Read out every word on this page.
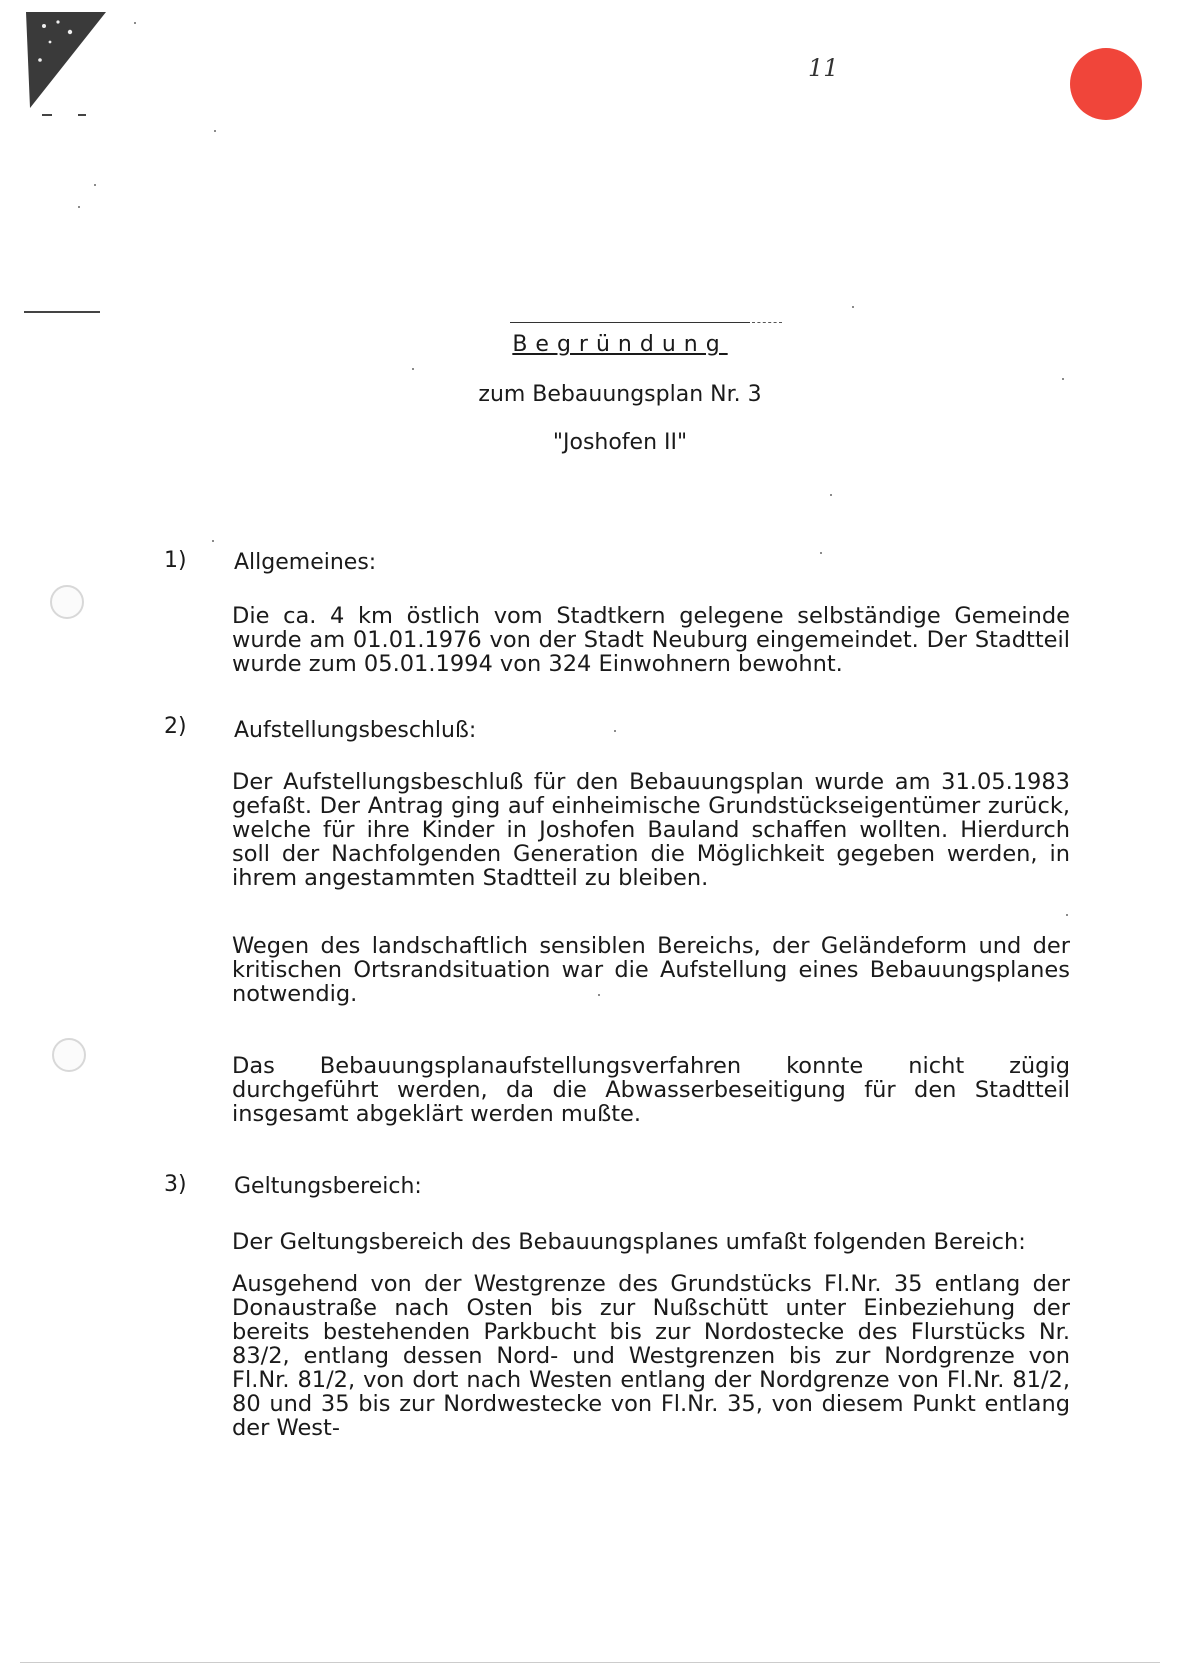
11
Begründung
zum Bebauungsplan Nr. 3
"Joshofen II"
1) Allgemeines:
Die ca. 4 km östlich vom Stadtkern gelegene selbständige Gemeinde wurde am 01.01.1976 von der Stadt Neuburg eingemeindet. Der Stadtteil wurde zum 05.01.1994 von 324 Einwohnern bewohnt.
2) Aufstellungsbeschluß:
Der Aufstellungsbeschluß für den Bebauungsplan wurde am 31.05.1983 gefaßt. Der Antrag ging auf einheimische Grundstückseigentümer zurück, welche für ihre Kinder in Joshofen Bauland schaffen wollten. Hierdurch soll der Nachfolgenden Generation die Möglichkeit gegeben werden, in ihrem angestammten Stadtteil zu bleiben.
Wegen des landschaftlich sensiblen Bereichs, der Geländeform und der kritischen Ortsrandsituation war die Aufstellung eines Bebauungsplanes notwendig.
Das Bebauungsplanaufstellungsverfahren konnte nicht zügig durchgeführt werden, da die Abwasserbeseitigung für den Stadtteil insgesamt abgeklärt werden mußte.
3) Geltungsbereich:
Der Geltungsbereich des Bebauungsplanes umfaßt folgenden Bereich:
Ausgehend von der Westgrenze des Grundstücks Fl.Nr. 35 entlang der Donaustraße nach Osten bis zur Nußschütt unter Einbeziehung der bereits bestehenden Parkbucht bis zur Nordostecke des Flurstücks Nr. 83/2, entlang dessen Nord- und Westgrenzen bis zur Nordgrenze von Fl.Nr. 81/2, von dort nach Westen entlang der Nordgrenze von Fl.Nr. 81/2, 80 und 35 bis zur Nordwestecke von Fl.Nr. 35, von diesem Punkt entlang der West-
